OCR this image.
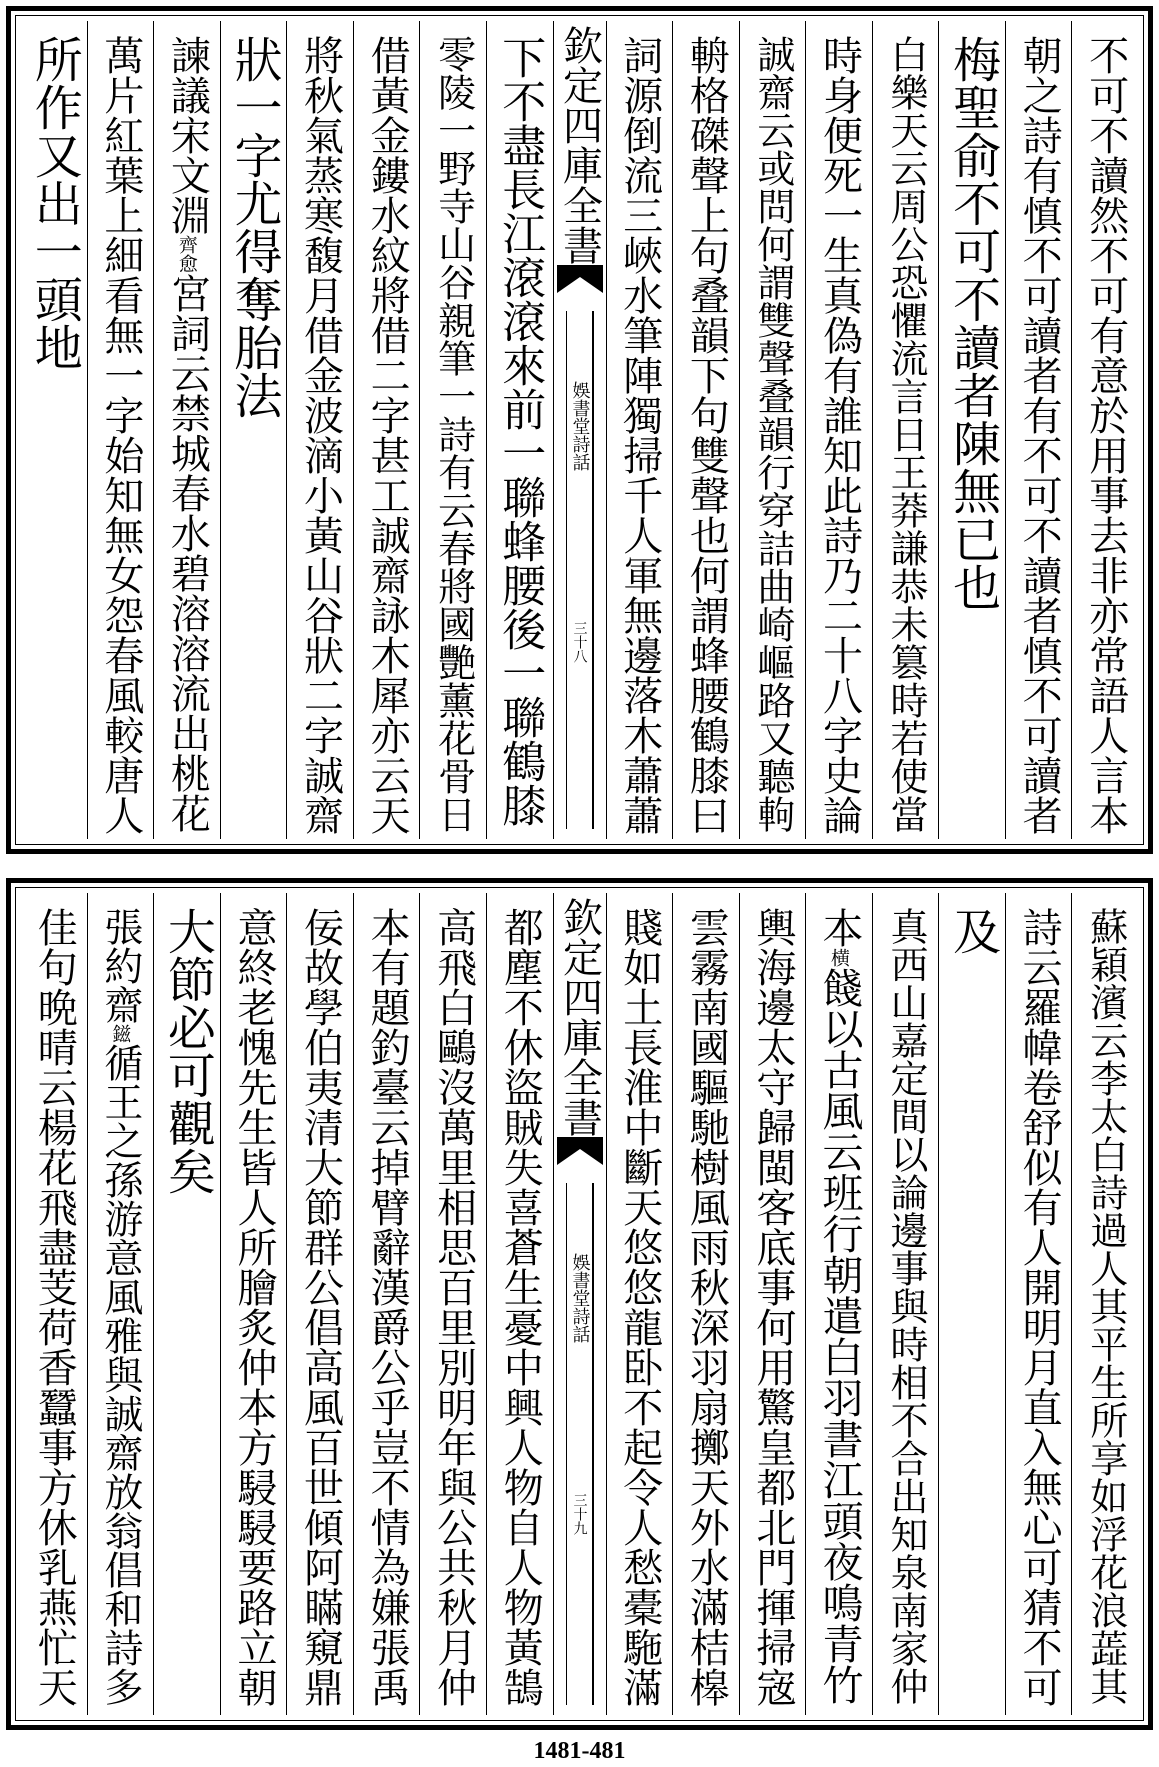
不可不讀然不可有意於用事去非亦常語人言本
朝之詩有慎不可讀者有不可不讀者慎不可讀者
梅聖俞不可不讀者陳無已也
白樂天云周公恐懼流言日王莽謙恭未篡時若使當
時身便死一生真偽有誰知此詩乃二十八字史論
誠齋云或問何謂雙聲叠韻行穿詰曲崎嶇路又聽軥
輈格磔聲上句叠韻下句雙聲也何謂蜂腰鶴膝曰
詞源倒流三峽水筆陣獨掃千人軍無邊落木蕭蕭
欽定四庫全書
娛書堂詩話
三十八
下不盡長江滾滾來前一聯蜂腰後一聯鶴膝
零陵一野寺山谷親筆一詩有云春將國艷薰花骨日
借黃金鏤水紋將借二字甚工誠齋詠木犀亦云天
將秋氣蒸寒馥月借金波滴小黃山谷狀二字誠齋
狀一字尤得奪胎法
諫議宋文淵
齊愈
宮詞云禁城春水碧溶溶流出桃花
萬片紅葉上細看無一字始知無女怨春風較唐人
所作又出一頭地
蘇穎濱云李太白詩過人其平生所享如浮花浪蕋其
詩云羅幃卷舒似有人開明月直入無心可猜不可
及
真西山嘉定間以論邊事與時相不合出知泉南家仲
本
横
餞以古風云班行朝遣白羽書江頭夜鳴青竹
輿海邊太守歸閩客底事何用驚皇都北門揮掃宼
雲霧南國驅馳樹風雨秋深羽扇擲天外水滿桔槔
賤如土長淮中斷天悠悠龍卧不起令人愁橐駞滿
欽定四庫全書
娛書堂詩話
三十九
都塵不休盜賊失喜蒼生憂中興人物自人物黃鵠
高飛白鷗沒萬里相思百里別明年與公共秋月仲
本有題釣臺云掉臂辭漢爵公乎豈不情為嫌張禹
佞故學伯夷清大節群公倡高風百世傾阿瞞窺鼎
意終老愧先生皆人所膾炙仲本方駸駸要路立朝
大節必可觀矣
張約齋
鎡
循王之孫游意風雅與誠齋放翁倡和詩多
佳句晩晴云楊花飛盡芰荷香蠶事方休乳燕忙天
1481-481
